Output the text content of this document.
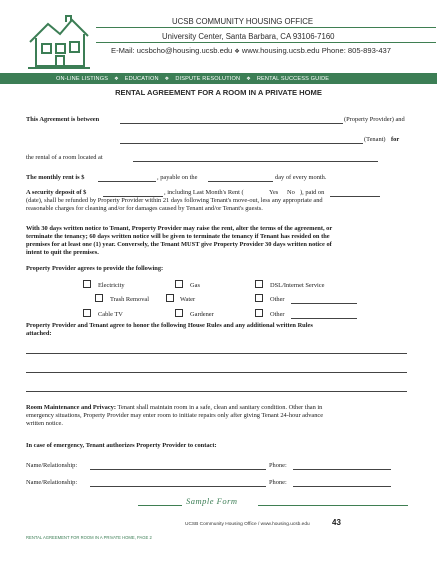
UCSB COMMUNITY HOUSING OFFICE
University Center, Santa Barbara, CA 93106-7160
E-Mail: ucsbcho@housing.ucsb.edu ❖ www.housing.ucsb.edu Phone: 805-893-437
ON-LINE LISTINGS ❖ EDUCATION ❖ DISPUTE RESOLUTION ❖ RENTAL SUCCESS GUIDE
RENTAL AGREEMENT FOR A ROOM IN A PRIVATE HOME
This Agreement is between	(Property Provider) and
(Tenant) for
the rental of a room located at
The monthly rent is $	, payable on the	day of every month.
A security deposit of $	, including Last Month's Rent (	Yes No ), paid on
(date), shall be refunded by Property Provider within 21 days following Tenant's move-out, less any appropriate and
reasonable charges for cleaning and/or for damages caused by Tenant and/or Tenant's guests.
With 30 days written notice to Tenant, Property Provider may raise the rent, alter the terms of the agreement, or
terminate the tenancy; 60 days written notice will be given to terminate the tenancy if Tenant has resided on the
premises for at least one (1) year. Conversely, the Tenant MUST give Property Provider 30 days written notice of
intent to quit the premises.
Property Provider agrees to provide the following:
Electricity	Gas	DSL/Internet Service
Trash Removal	Water	Other
Cable TV	Gardener	Other
Property Provider and Tenant agree to honor the following House Rules and any additional written Rules
attached:
Room Maintenance and Privacy: Tenant shall maintain room in a safe, clean and sanitary condition. Other than in
emergency situations, Property Provider may enter room to initiate repairs only after giving Tenant 24-hour advance
written notice.
In case of emergency, Tenant authorizes Property Provider to contact:
Name/Relationship:	Phone:
Name/Relationship:	Phone:
Sample Form
UCSB Community Housing Office / www.housing.ucsb.edu	43
RENTAL AGREEMENT FOR ROOM IN A PRIVATE HOME, PAGE 2
